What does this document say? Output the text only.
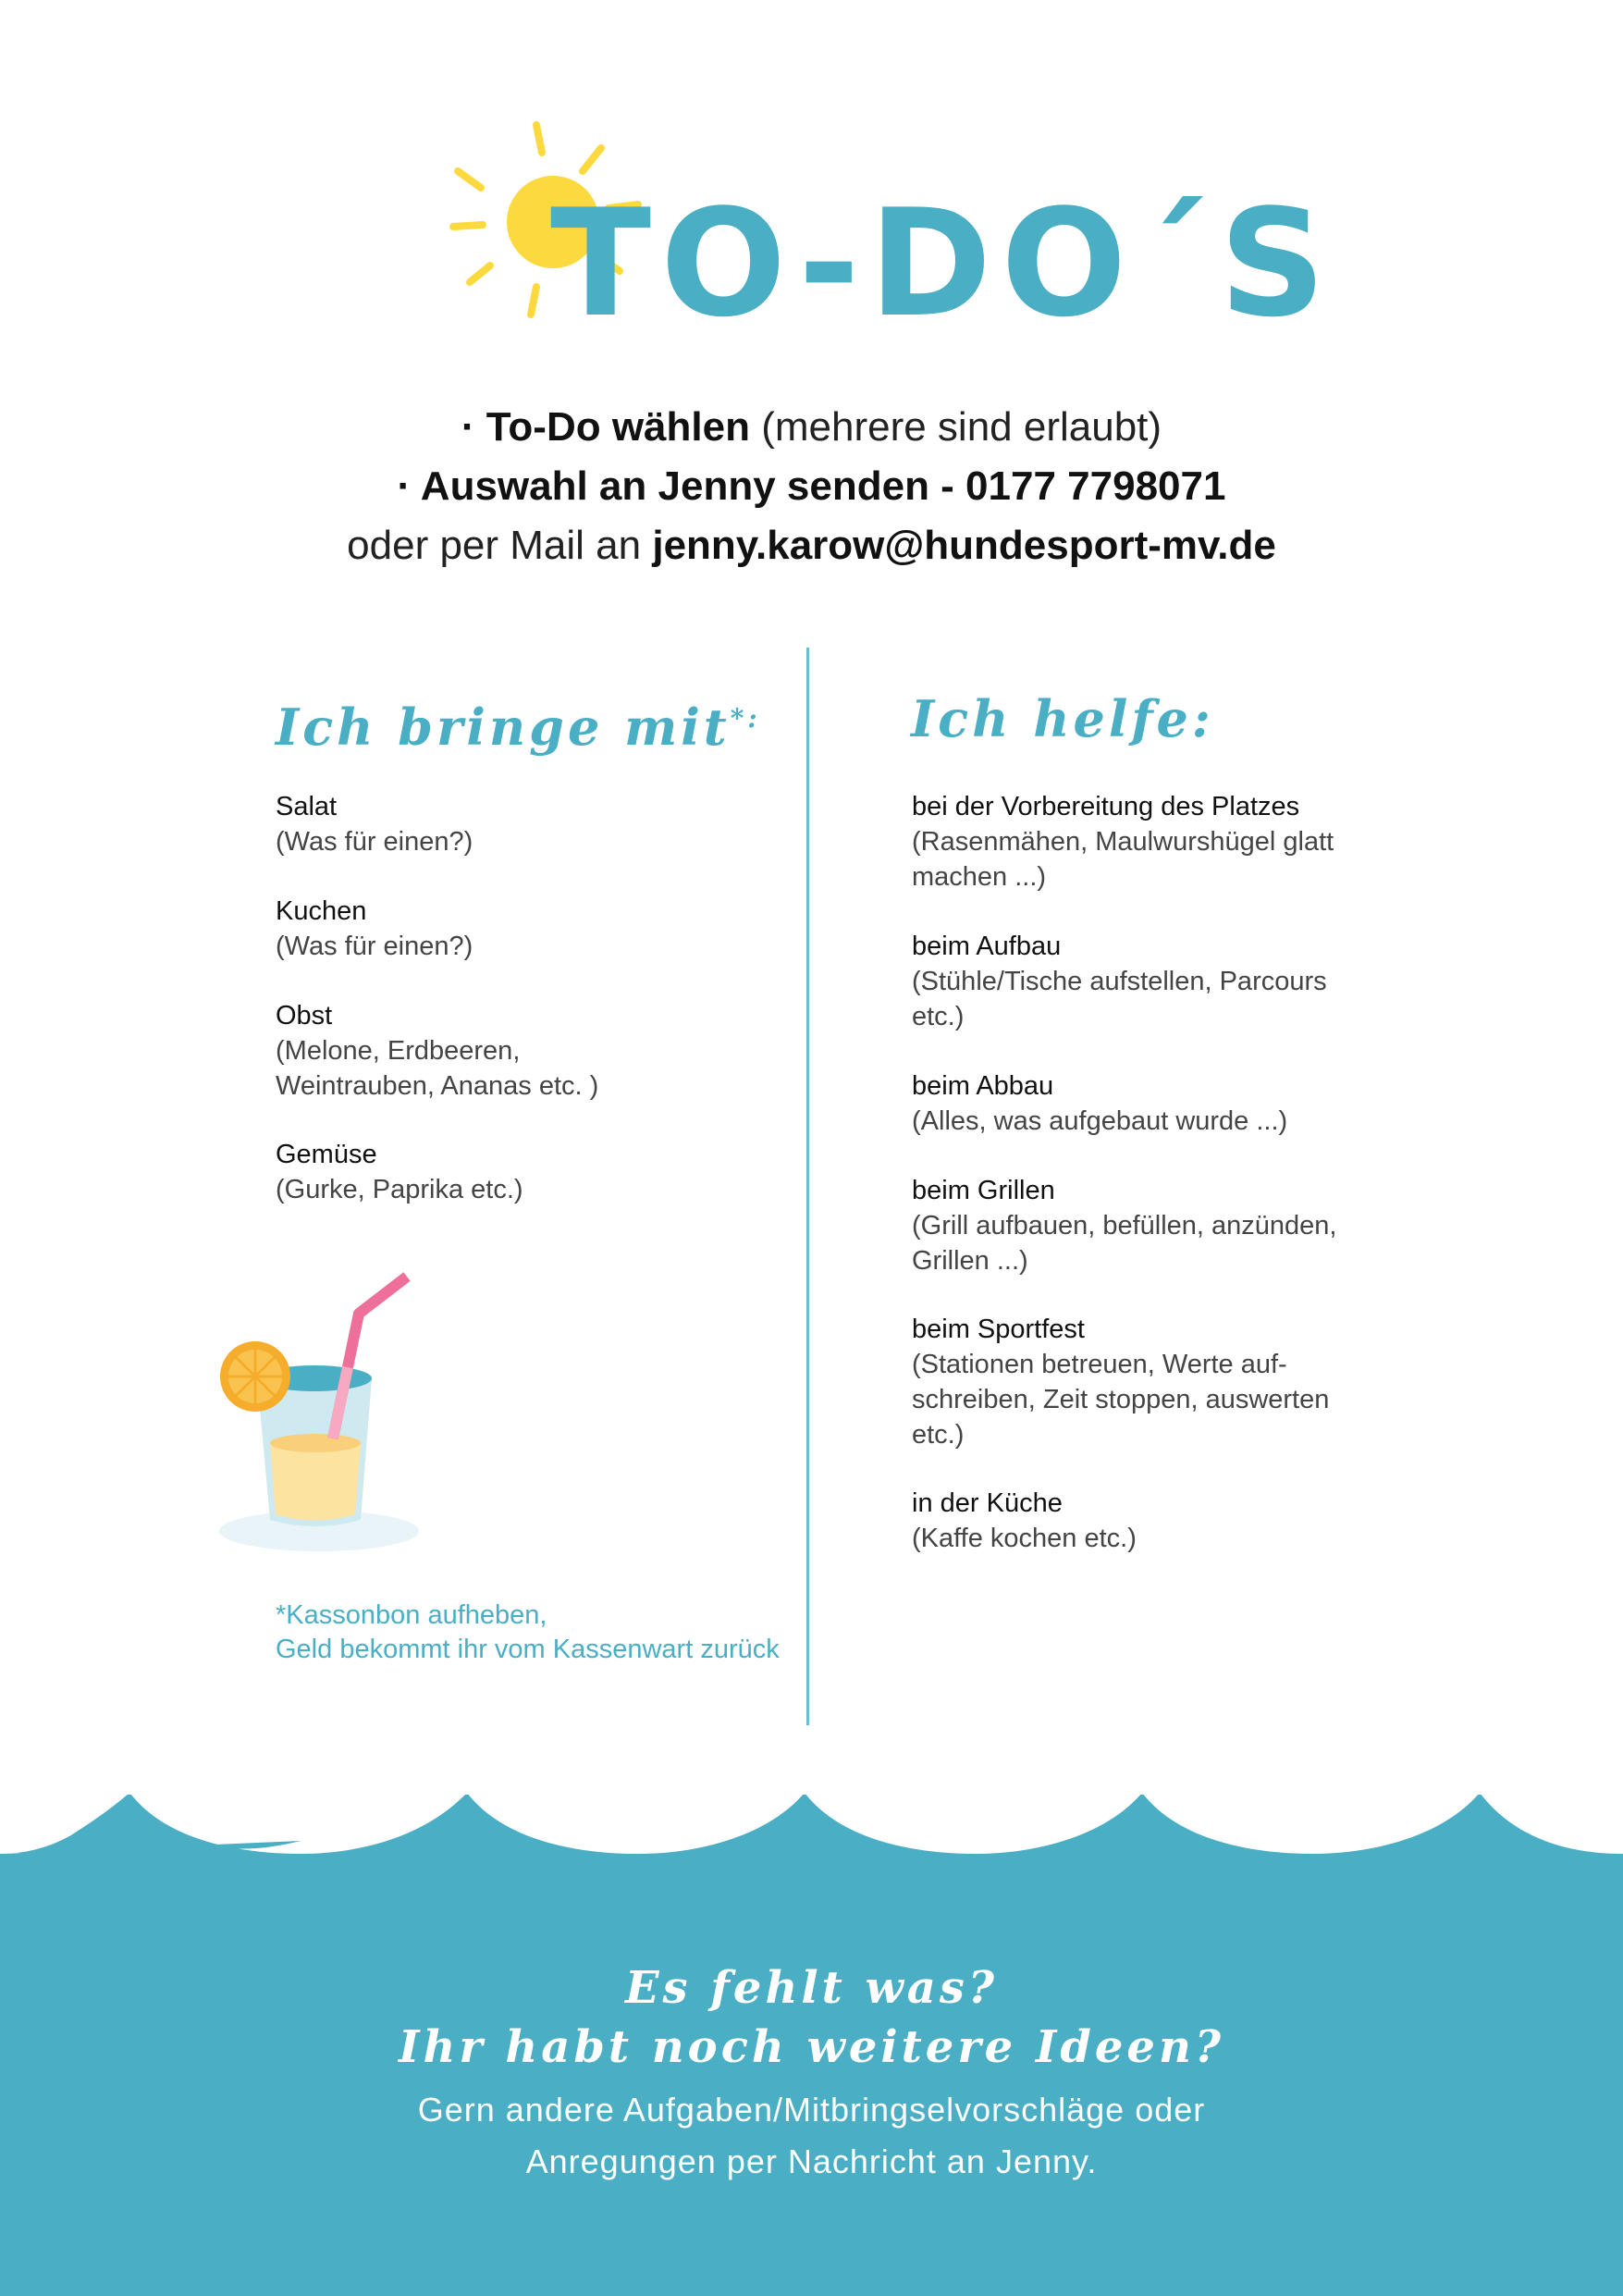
TO-DO´S
· To-Do wählen (mehrere sind erlaubt)
· Auswahl an Jenny senden - 0177 7798071
oder per Mail an jenny.karow@hundesport-mv.de
Ich bringe mit*:
Salat
(Was für einen?)
Kuchen
(Was für einen?)
Obst
(Melone, Erdbeeren, Weintrauben, Ananas etc. )
Gemüse
(Gurke, Paprika etc.)
*Kassonbon aufheben,
Geld bekommt ihr vom Kassenwart zurück
Ich helfe:
bei der Vorbereitung des Platzes
(Rasenmähen, Maulwurshügel glatt machen ...)
beim Aufbau
(Stühle/Tische aufstellen, Parcours etc.)
beim Abbau
(Alles, was aufgebaut wurde ...)
beim Grillen
(Grill aufbauen, befüllen, anzünden, Grillen ...)
beim Sportfest
(Stationen betreuen, Werte auf-schreiben, Zeit stoppen, auswerten etc.)
in der Küche
(Kaffe kochen etc.)
Es fehlt was?
Ihr habt noch weitere Ideen?
Gern andere Aufgaben/Mitbringselvorschläge oder
Anregungen per Nachricht an Jenny.
